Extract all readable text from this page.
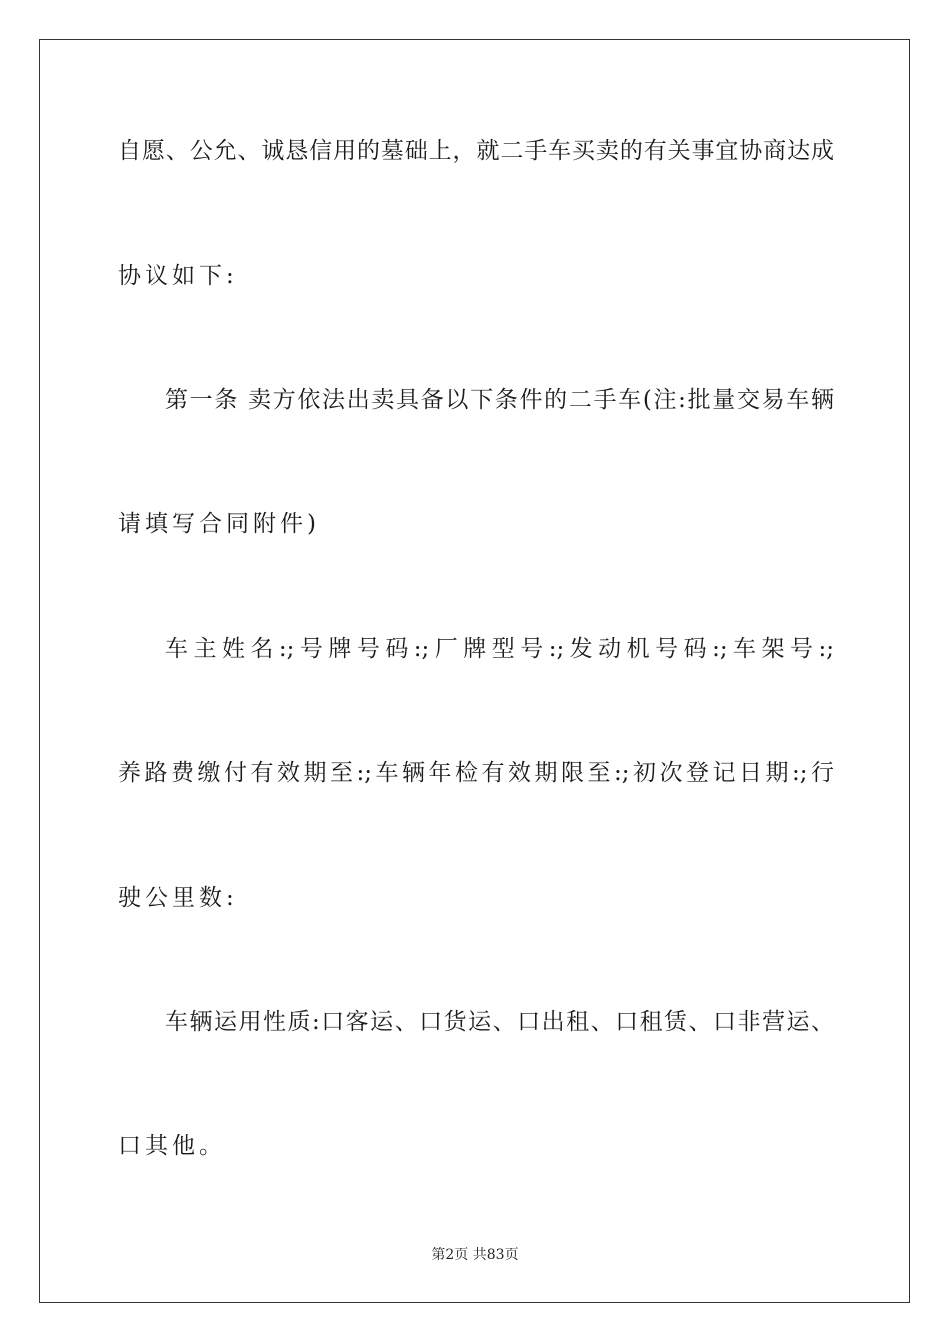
自愿、公允、诚恳信用的墓础上，就二手车买卖的有关事宜协商达成
协议如下:
第一条 卖方依法出卖具备以下条件的二手车(注:批量交易车辆
请填写合同附件)
车主姓名:;号牌号码:;厂牌型号:;发动机号码:;车架号:;
养路费缴付有效期至:;车辆年检有效期限至:;初次登记日期:;行
驶公里数:
车辆运用性质:口客运、口货运、口出租、口租赁、口非营运、
口其他。
第2页 共83页
